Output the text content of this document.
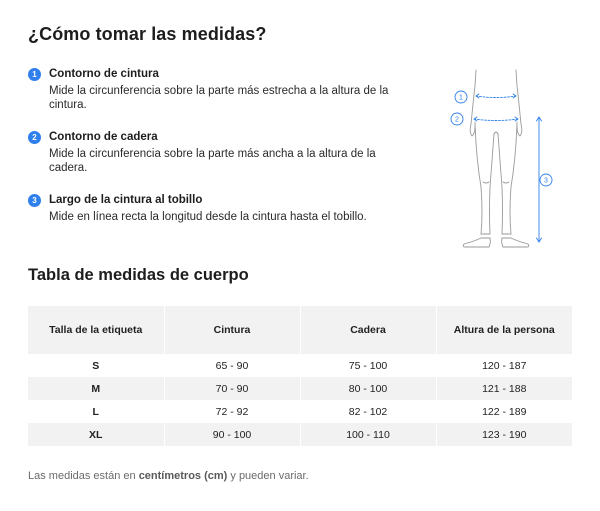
¿Cómo tomar las medidas?
1	Contorno de cintura
Mide la circunferencia sobre la parte más estrecha a la altura de la cintura.
2	Contorno de cadera
Mide la circunferencia sobre la parte más ancha a la altura de la cadera.
3	Largo de la cintura al tobillo
Mide en línea recta la longitud desde la cintura hasta el tobillo.
1
2
3
Tabla de medidas de cuerpo
Talla de la etiqueta	Cintura	Cadera	Altura de la persona
S	65 - 90	75 - 100	120 - 187
M	70 - 90	80 - 100	121 - 188
L	72 - 92	82 - 102	122 - 189
XL	90 - 100	100 - 110	123 - 190

Las medidas están en centímetros (cm) y pueden variar.
